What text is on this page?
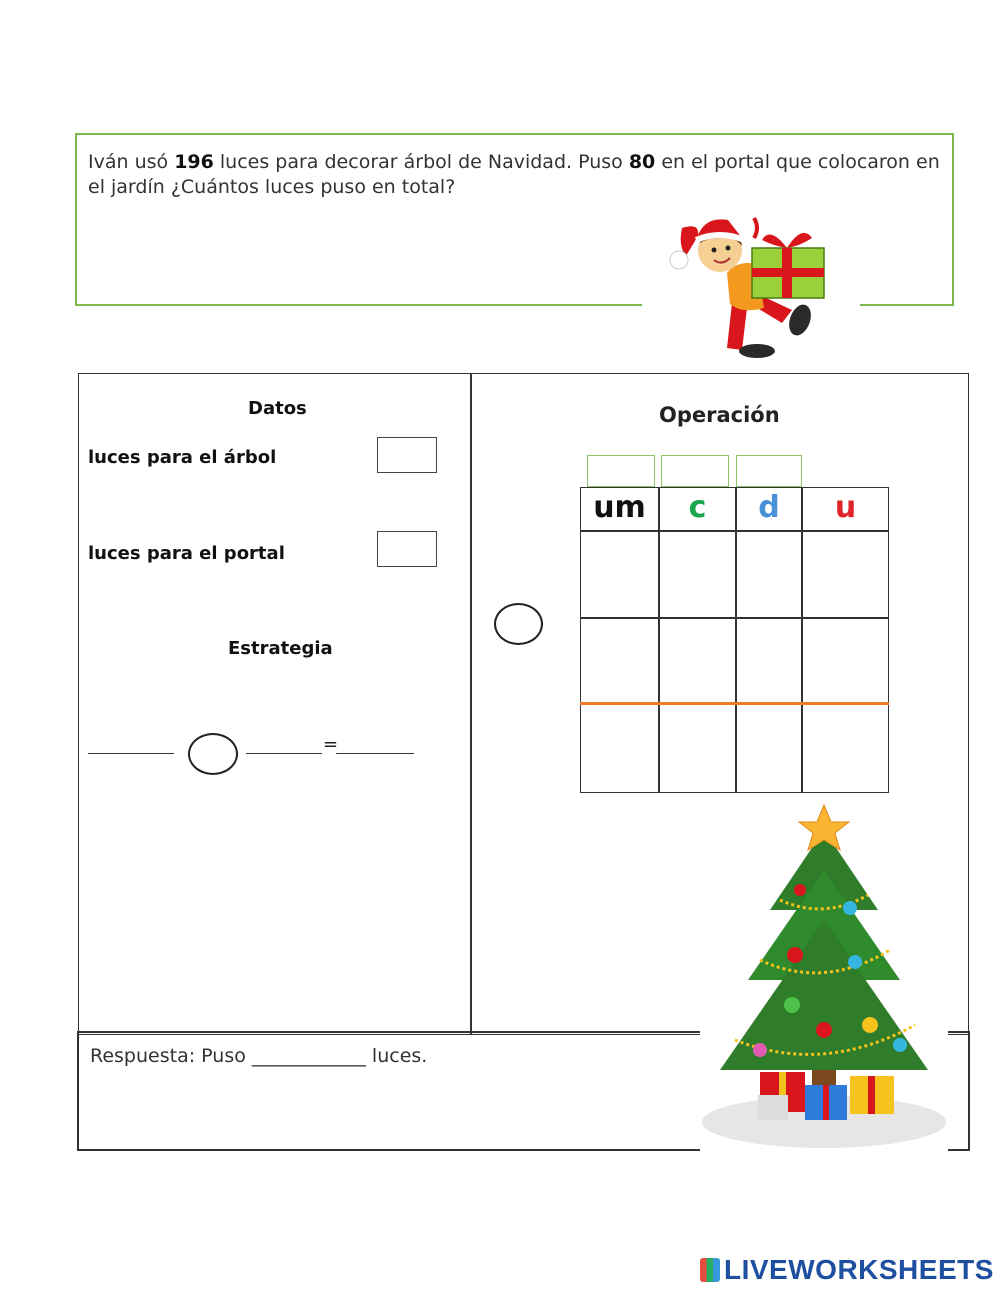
Iván usó 196 luces para decorar árbol de Navidad. Puso 80 en el portal que colocaron en el jardín ¿Cuántos luces puso en total?
Datos
luces para el árbol
luces para el portal
Estrategia
=
Operación
um	c	d	u
Respuesta: Puso ____________ luces.
LIVEWORKSHEETS
